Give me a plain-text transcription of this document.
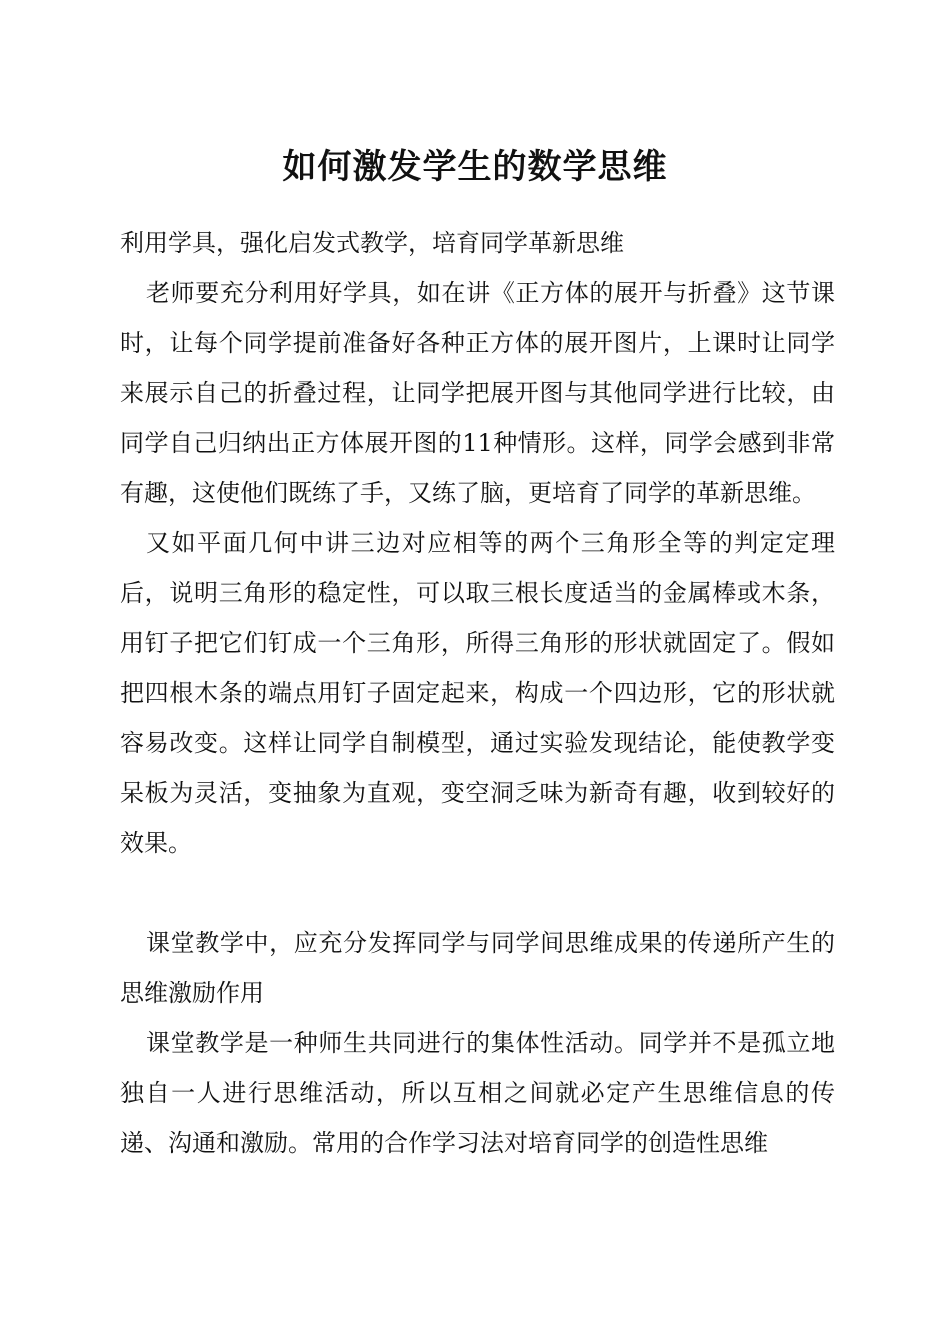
如何激发学生的数学思维

利用学具，强化启发式教学，培育同学革新思维

老师要充分利用好学具，如在讲《正方体的展开与折叠》这节课时，让每个同学提前准备好各种正方体的展开图片，上课时让同学来展示自己的折叠过程，让同学把展开图与其他同学进行比较，由同学自己归纳出正方体展开图的11种情形。这样，同学会感到非常有趣，这使他们既练了手，又练了脑，更培育了同学的革新思维。

又如平面几何中讲三边对应相等的两个三角形全等的判定定理后，说明三角形的稳定性，可以取三根长度适当的金属棒或木条，用钉子把它们钉成一个三角形，所得三角形的形状就固定了。假如把四根木条的端点用钉子固定起来，构成一个四边形，它的形状就容易改变。这样让同学自制模型，通过实验发现结论，能使教学变呆板为灵活，变抽象为直观，变空洞乏味为新奇有趣，收到较好的效果。

课堂教学中，应充分发挥同学与同学间思维成果的传递所产生的思维激励作用

课堂教学是一种师生共同进行的集体性活动。同学并不是孤立地独自一人进行思维活动，所以互相之间就必定产生思维信息的传递、沟通和激励。常用的合作学习法对培育同学的创造性思维
